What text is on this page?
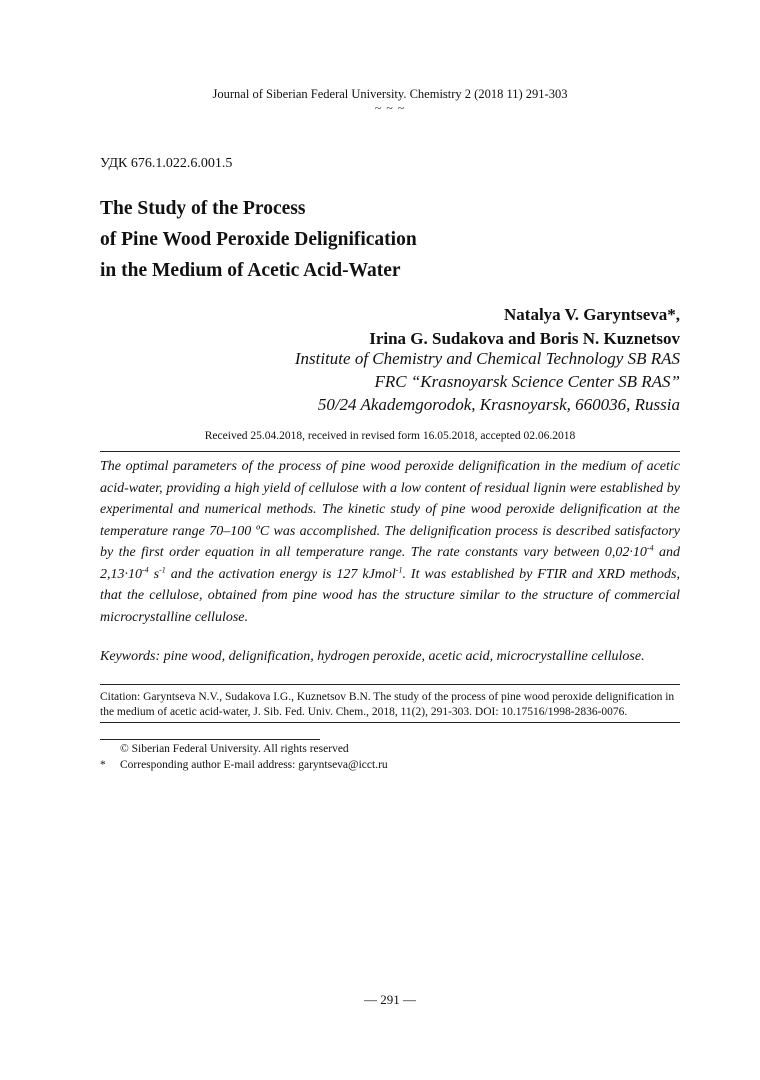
Journal of Siberian Federal University. Chemistry 2 (2018 11) 291-303
~ ~ ~
УДК 676.1.022.6.001.5
The Study of the Process
of Pine Wood Peroxide Delignification
in the Medium of Acetic Acid-Water
Natalya V. Garyntseva*,
Irina G. Sudakova and Boris N. Kuznetsov
Institute of Chemistry and Chemical Technology SB RAS
FRC “Krasnoyarsk Science Center SB RAS”
50/24 Akademgorodok, Krasnoyarsk, 660036, Russia
Received 25.04.2018, received in revised form 16.05.2018, accepted 02.06.2018
The optimal parameters of the process of pine wood peroxide delignification in the medium of acetic acid-water, providing a high yield of cellulose with a low content of residual lignin were established by experimental and numerical methods. The kinetic study of pine wood peroxide delignification at the temperature range 70–100 ºC was accomplished. The delignification process is described satisfactory by the first order equation in all temperature range. The rate constants vary between $0,02\cdot 10^{-4}$ and $2,13\cdot 10^{-4}$ $s^{-1}$ and the activation energy is 127 kJmol$^{-1}$. It was established by FTIR and XRD methods, that the cellulose, obtained from pine wood has the structure similar to the structure of commercial microcrystalline cellulose.
Keywords: pine wood, delignification, hydrogen peroxide, acetic acid, microcrystalline cellulose.
Citation: Garyntseva N.V., Sudakova I.G., Kuznetsov B.N. The study of the process of pine wood peroxide delignification in the medium of acetic acid-water, J. Sib. Fed. Univ. Chem., 2018, 11(2), 291-303. DOI: 10.17516/1998-2836-0076.
© Siberian Federal University. All rights reserved
* Corresponding author E-mail address: garyntseva@icct.ru
— 291 —
